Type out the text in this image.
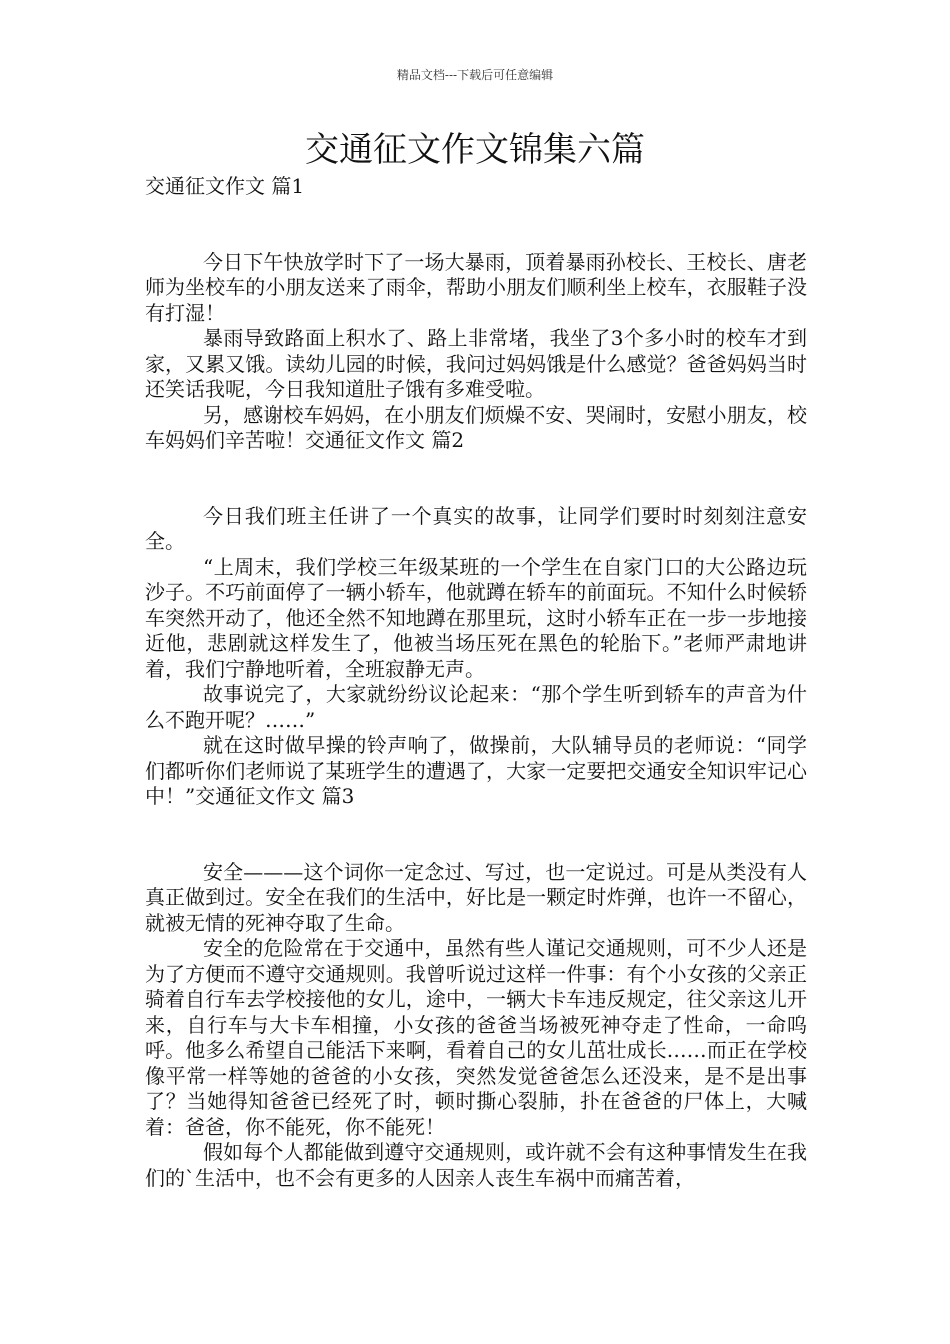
精品文档---下载后可任意编辑
交通征文作文锦集六篇

交通征文作文 篇1

今日下午快放学时下了一场大暴雨，顶着暴雨孙校长、王校长、唐老师为坐校车的小朋友送来了雨伞，帮助小朋友们顺利坐上校车，衣服鞋子没有打湿！

暴雨导致路面上积水了、路上非常堵，我坐了3个多小时的校车才到家，又累又饿。读幼儿园的时候，我问过妈妈饿是什么感觉？爸爸妈妈当时还笑话我呢，今日我知道肚子饿有多难受啦。

另，感谢校车妈妈，在小朋友们烦燥不安、哭闹时，安慰小朋友，校车妈妈们辛苦啦！交通征文作文 篇2

今日我们班主任讲了一个真实的故事，让同学们要时时刻刻注意安全。

“上周末，我们学校三年级某班的一个学生在自家门口的大公路边玩沙子。不巧前面停了一辆小轿车，他就蹲在轿车的前面玩。不知什么时候轿车突然开动了，他还全然不知地蹲在那里玩，这时小轿车正在一步一步地接近他，悲剧就这样发生了，他被当场压死在黑色的轮胎下。”老师严肃地讲着，我们宁静地听着，全班寂静无声。

故事说完了，大家就纷纷议论起来：“那个学生听到轿车的声音为什么不跑开呢？……”

就在这时做早操的铃声响了，做操前，大队辅导员的老师说：“同学们都听你们老师说了某班学生的遭遇了，大家一定要把交通安全知识牢记心中！”交通征文作文 篇3

安全———这个词你一定念过、写过，也一定说过。可是从类没有人真正做到过。安全在我们的生活中，好比是一颗定时炸弹，也许一不留心，就被无情的死神夺取了生命。

安全的危险常在于交通中，虽然有些人谨记交通规则，可不少人还是为了方便而不遵守交通规则。我曾听说过这样一件事：有个小女孩的父亲正骑着自行车去学校接他的女儿，途中，一辆大卡车违反规定，往父亲这儿开来，自行车与大卡车相撞，小女孩的爸爸当场被死神夺走了性命，一命呜呼。他多么希望自己能活下来啊，看着自己的女儿茁壮成长……而正在学校像平常一样等她的爸爸的小女孩，突然发觉爸爸怎么还没来，是不是出事了？当她得知爸爸已经死了时，顿时撕心裂肺，扑在爸爸的尸体上，大喊着：爸爸，你不能死，你不能死！

假如每个人都能做到遵守交通规则，或许就不会有这种事情发生在我们的`生活中，也不会有更多的人因亲人丧生车祸中而痛苦着，
